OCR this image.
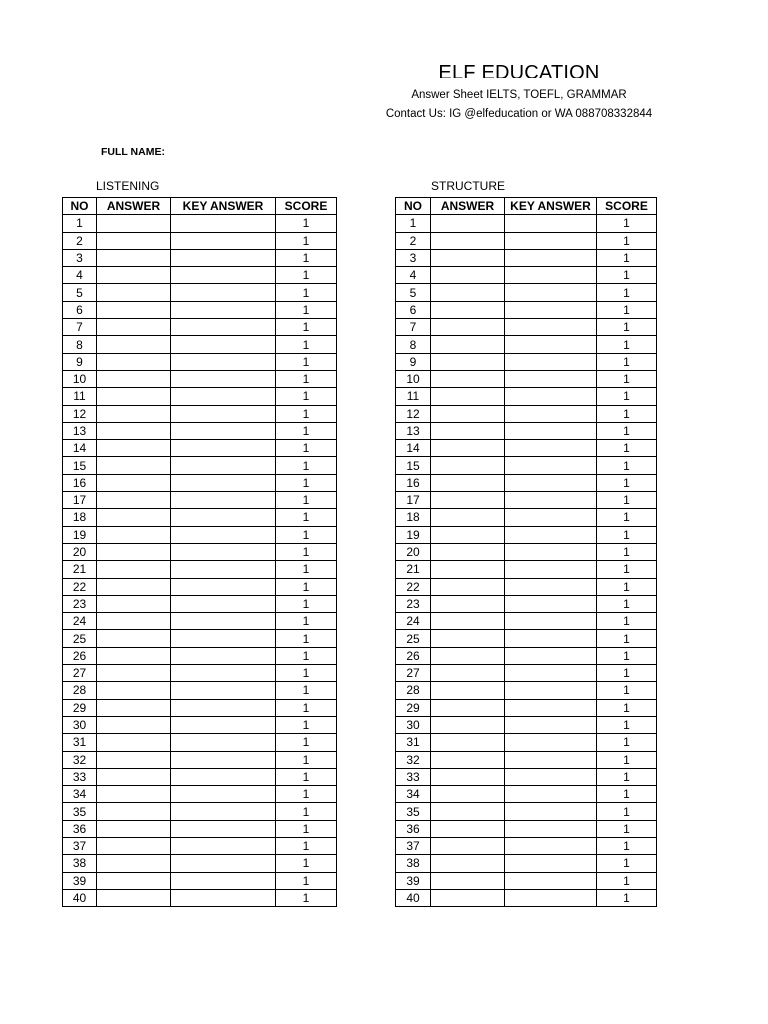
ELF EDUCATION
Answer Sheet IELTS, TOEFL, GRAMMAR
Contact Us: IG @elfeducation or WA 088708332844
FULL NAME:
LISTENING	STRUCTURE
NO	ANSWER	KEY ANSWER	SCORE
1			1
2			1
3			1
4			1
5			1
6			1
7			1
8			1
9			1
10			1
11			1
12			1
13			1
14			1
15			1
16			1
17			1
18			1
19			1
20			1
21			1
22			1
23			1
24			1
25			1
26			1
27			1
28			1
29			1
30			1
31			1
32			1
33			1
34			1
35			1
36			1
37			1
38			1
39			1
40			1
NO	ANSWER	KEY ANSWER	SCORE
1			1
2			1
3			1
4			1
5			1
6			1
7			1
8			1
9			1
10			1
11			1
12			1
13			1
14			1
15			1
16			1
17			1
18			1
19			1
20			1
21			1
22			1
23			1
24			1
25			1
26			1
27			1
28			1
29			1
30			1
31			1
32			1
33			1
34			1
35			1
36			1
37			1
38			1
39			1
40			1
